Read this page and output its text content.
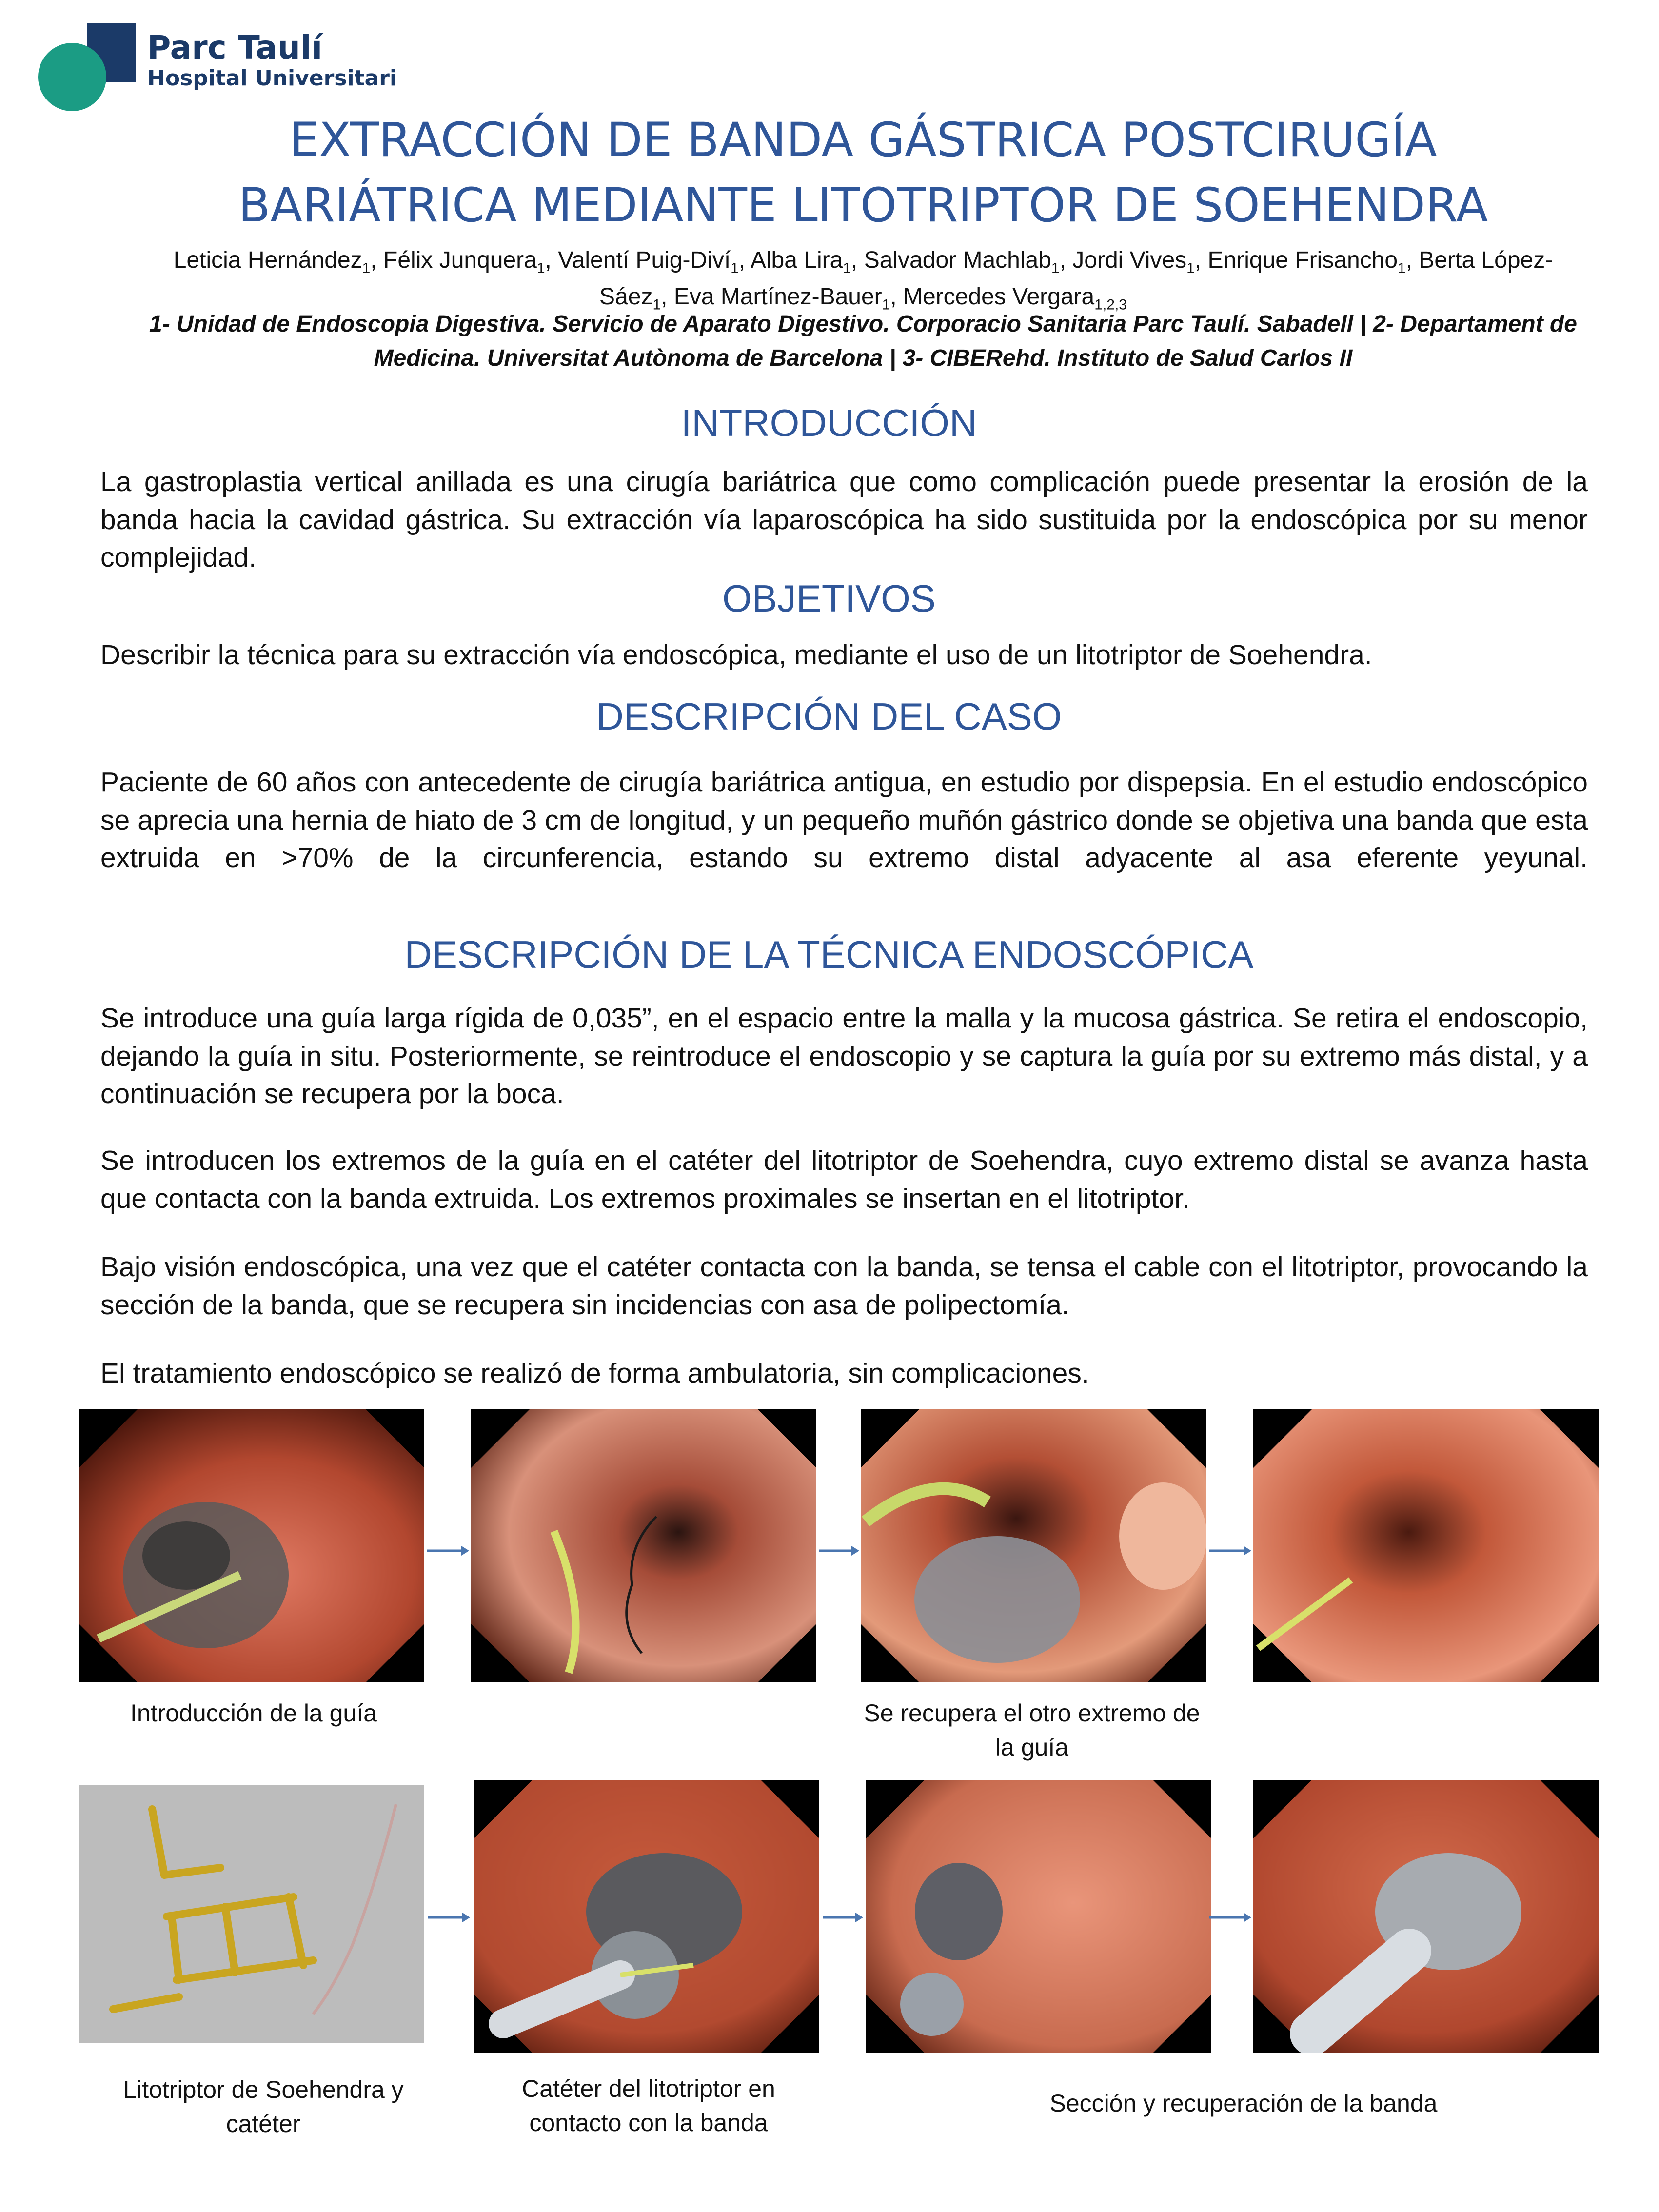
Parc Taulí
Hospital Universitari
EXTRACCIÓN DE BANDA GÁSTRICA POSTCIRUGÍA
BARIÁTRICA MEDIANTE LITOTRIPTOR DE SOEHENDRA
Leticia Hernández$_1$, Félix Junquera$_1$, Valentí Puig-Diví$_1$, Alba Lira$_1$, Salvador Machlab$_1$, Jordi Vives$_1$, Enrique Frisancho$_1$, Berta López-Sáez$_1$, Eva Martínez-Bauer$_1$, Mercedes Vergara$_{1,2,3}$
1- Unidad de Endoscopia Digestiva. Servicio de Aparato Digestivo. Corporacio Sanitaria Parc Taulí. Sabadell | 2- Departament de Medicina. Universitat Autònoma de Barcelona | 3- CIBERehd. Instituto de Salud Carlos II
INTRODUCCIÓN
La gastroplastia vertical anillada es una cirugía bariátrica que como complicación puede presentar la erosión de la banda hacia la cavidad gástrica. Su extracción vía laparoscópica ha sido sustituida por la endoscópica por su menor complejidad.
OBJETIVOS
Describir la técnica para su extracción vía endoscópica, mediante el uso de un litotriptor de Soehendra.
DESCRIPCIÓN DEL CASO
Paciente de 60 años con antecedente de cirugía bariátrica antigua, en estudio por dispepsia. En el estudio endoscópico se aprecia una hernia de hiato de 3 cm de longitud, y un pequeño muñón gástrico donde se objetiva una banda que esta extruida en >70% de la circunferencia, estando su extremo distal adyacente al asa eferente yeyunal.
DESCRIPCIÓN DE LA TÉCNICA ENDOSCÓPICA
Se introduce una guía larga rígida de 0,035”, en el espacio entre la malla y la mucosa gástrica. Se retira el endoscopio, dejando la guía in situ. Posteriormente, se reintroduce el endoscopio y se captura la guía por su extremo más distal, y a continuación se recupera por la boca.
Se introducen los extremos de la guía en el catéter del litotriptor de Soehendra, cuyo extremo distal se avanza hasta que contacta con la banda extruida. Los extremos proximales se insertan en el litotriptor.
Bajo visión endoscópica, una vez que el catéter contacta con la banda, se tensa el cable con el litotriptor, provocando la sección de la banda, que se recupera sin incidencias con asa de polipectomía.
El tratamiento endoscópico se realizó de forma ambulatoria, sin complicaciones.
Introducción de la guía	Se recupera el otro extremo de la guía
Litotriptor de Soehendra y catéter
Catéter del litotriptor en contacto con la banda
Sección y recuperación de la banda
